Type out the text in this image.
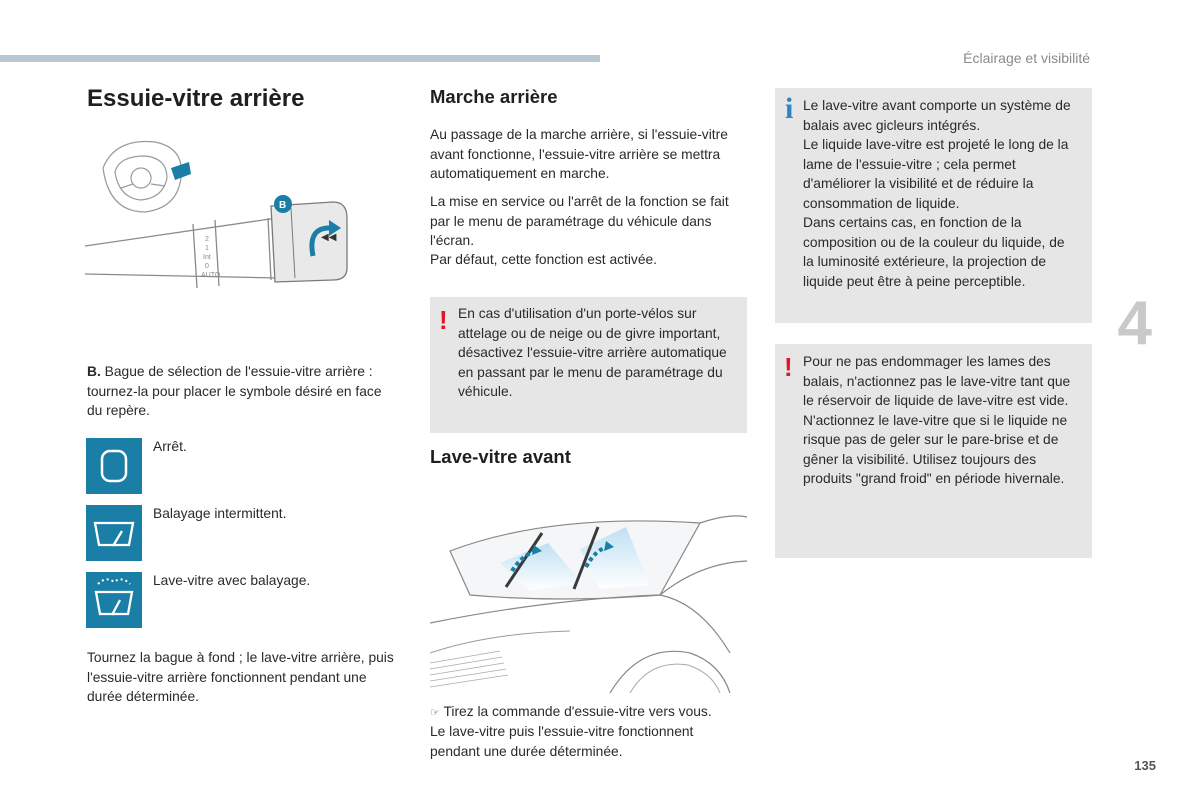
Éclairage et visibilité
Essuie-vitre arrière
2
1
Int
0
AUTO
B
◀◀
B. Bague de sélection de l'essuie-vitre arrière : tournez-la pour placer le symbole désiré en face du repère.
Arrêt.
Balayage intermittent.
Lave-vitre avec balayage.

Tournez la bague à fond ; le lave-vitre arrière, puis l'essuie-vitre arrière fonctionnent pendant une durée déterminée.

Marche arrière

Au passage de la marche arrière, si l'essuie-vitre avant fonctionne, l'essuie-vitre arrière se mettra automatiquement en marche.

La mise en service ou l'arrêt de la fonction se fait par le menu de paramétrage du véhicule dans l'écran.

Par défaut, cette fonction est activée.

! En cas d'utilisation d'un porte-vélos sur attelage ou de neige ou de givre important, désactivez l'essuie-vitre arrière automatique en passant par le menu de paramétrage du véhicule.

Lave-vitre avant
☞ Tirez la commande d'essuie-vitre vers vous.

Le lave-vitre puis l'essuie-vitre fonctionnent pendant une durée déterminée.

i Le lave-vitre avant comporte un système de balais avec gicleurs intégrés.

Le liquide lave-vitre est projeté le long de la lame de l'essuie-vitre ; cela permet d'améliorer la visibilité et de réduire la consommation de liquide.

Dans certains cas, en fonction de la composition ou de la couleur du liquide, de la luminosité extérieure, la projection de liquide peut être à peine perceptible.

! Pour ne pas endommager les lames des balais, n'actionnez pas le lave-vitre tant que le réservoir de liquide de lave-vitre est vide.

N'actionnez le lave-vitre que si le liquide ne risque pas de geler sur le pare-brise et de gêner la visibilité. Utilisez toujours des produits "grand froid" en période hivernale.

4
135
